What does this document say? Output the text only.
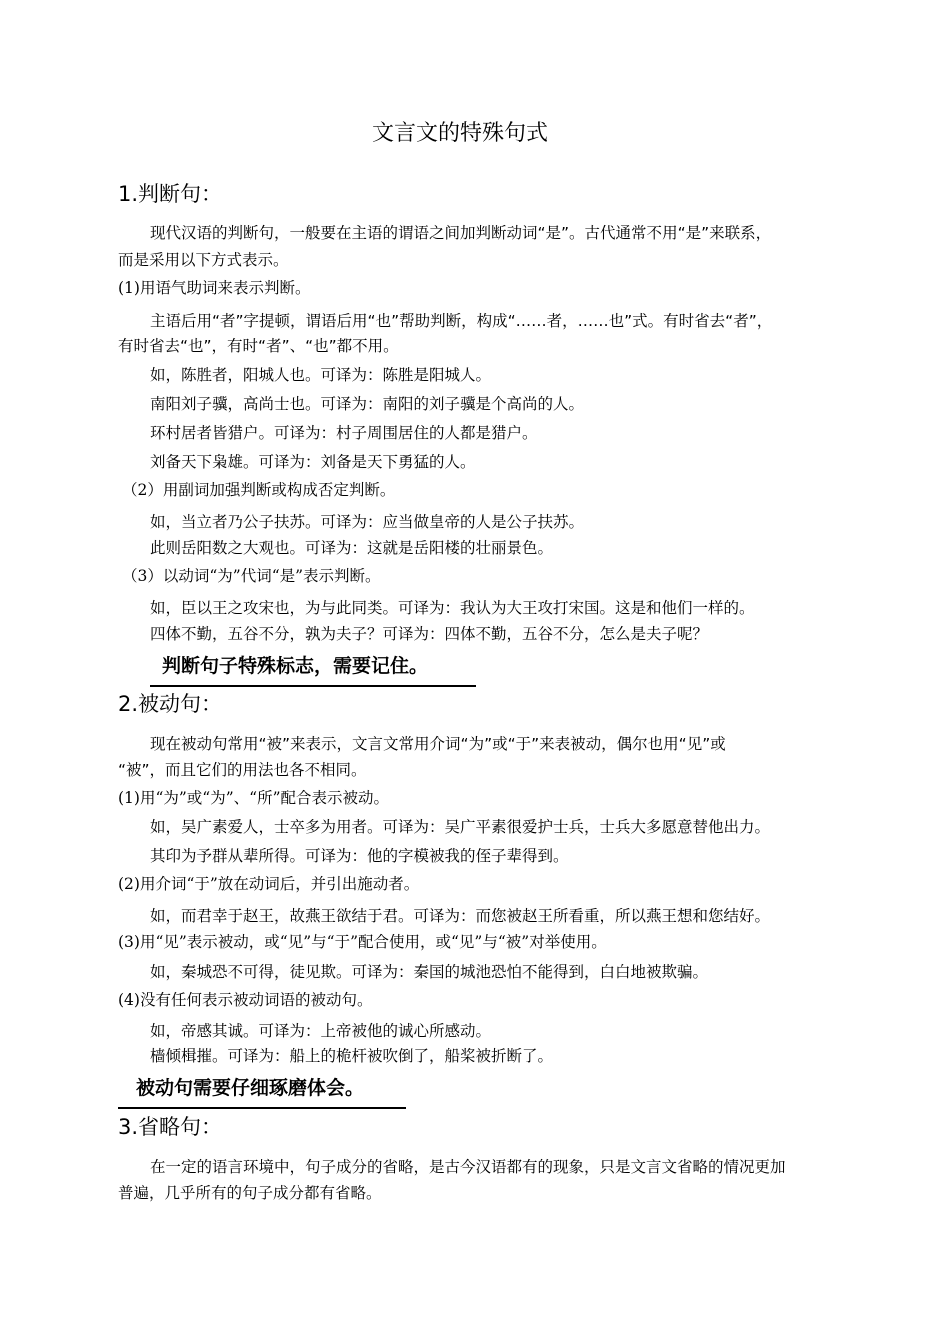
文言文的特殊句式
1.判断句：
现代汉语的判断句，一般要在主语的谓语之间加判断动词“是”。古代通常不用“是”来联系，
而是采用以下方式表示。
(1)用语气助词来表示判断。
主语后用“者”字提顿，谓语后用“也”帮助判断，构成“……者，……也”式。有时省去“者”，
有时省去“也”，有时“者”、“也”都不用。
如，陈胜者，阳城人也。可译为：陈胜是阳城人。
南阳刘子骥，高尚士也。可译为：南阳的刘子骥是个高尚的人。
环村居者皆猎户。可译为：村子周围居住的人都是猎户。
刘备天下枭雄。可译为：刘备是天下勇猛的人。
（2）用副词加强判断或构成否定判断。
如，当立者乃公子扶苏。可译为：应当做皇帝的人是公子扶苏。
此则岳阳数之大观也。可译为：这就是岳阳楼的壮丽景色。
（3）以动词“为”代词“是”表示判断。
如，臣以王之攻宋也，为与此同类。可译为：我认为大王攻打宋国。这是和他们一样的。
四体不勤，五谷不分，孰为夫子？可译为：四体不勤，五谷不分，怎么是夫子呢？
判断句子特殊标志，需要记住。
2.被动句：
现在被动句常用“被”来表示，文言文常用介词“为”或“于”来表被动，偶尔也用“见”或
“被”，而且它们的用法也各不相同。
(1)用“为”或“为”、“所”配合表示被动。
如，吴广素爱人，士卒多为用者。可译为：吴广平素很爱护士兵，士兵大多愿意替他出力。
其印为予群从辈所得。可译为：他的字模被我的侄子辈得到。
(2)用介词“于”放在动词后，并引出施动者。
如，而君幸于赵王，故燕王欲结于君。可译为：而您被赵王所看重，所以燕王想和您结好。
(3)用“见”表示被动，或“见”与“于”配合使用，或“见”与“被”对举使用。
如，秦城恐不可得，徒见欺。可译为：秦国的城池恐怕不能得到，白白地被欺骗。
(4)没有任何表示被动词语的被动句。
如，帝感其诚。可译为：上帝被他的诚心所感动。
樯倾楫摧。可译为：船上的桅杆被吹倒了，船桨被折断了。
被动句需要仔细琢磨体会。
3.省略句：
在一定的语言环境中，句子成分的省略，是古今汉语都有的现象，只是文言文省略的情况更加
普遍，几乎所有的句子成分都有省略。
